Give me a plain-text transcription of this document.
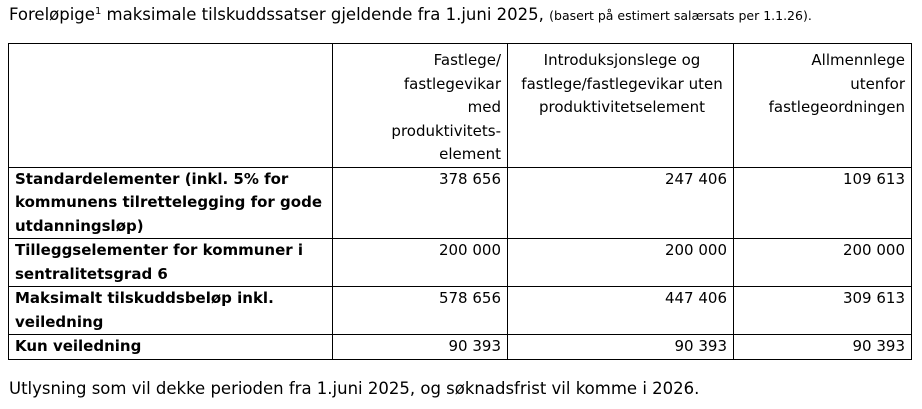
Foreløpige$^1$ maksimale tilskuddssatser gjeldende fra 1.juni 2025, (basert på estimert salærsats per 1.1.26).

	Fastlege/ fastlegevikar med produktivitets-element	Introduksjonslege og fastlege/fastlegevikar uten produktivitetselement	Allmennlege utenfor fastlegeordningen

Standardelementer (inkl. 5% for kommunens tilrettelegging for gode utdanningsløp)	378 656	247 406	109 613
Tilleggselementer for kommuner i sentralitetsgrad 6	200 000	200 000	200 000
Maksimalt tilskuddsbeløp inkl. veiledning	578 656	447 406	309 613
Kun veiledning	90 393	90 393	90 393
Utlysning som vil dekke perioden fra 1.juni 2025, og søknadsfrist vil komme i 2026.
